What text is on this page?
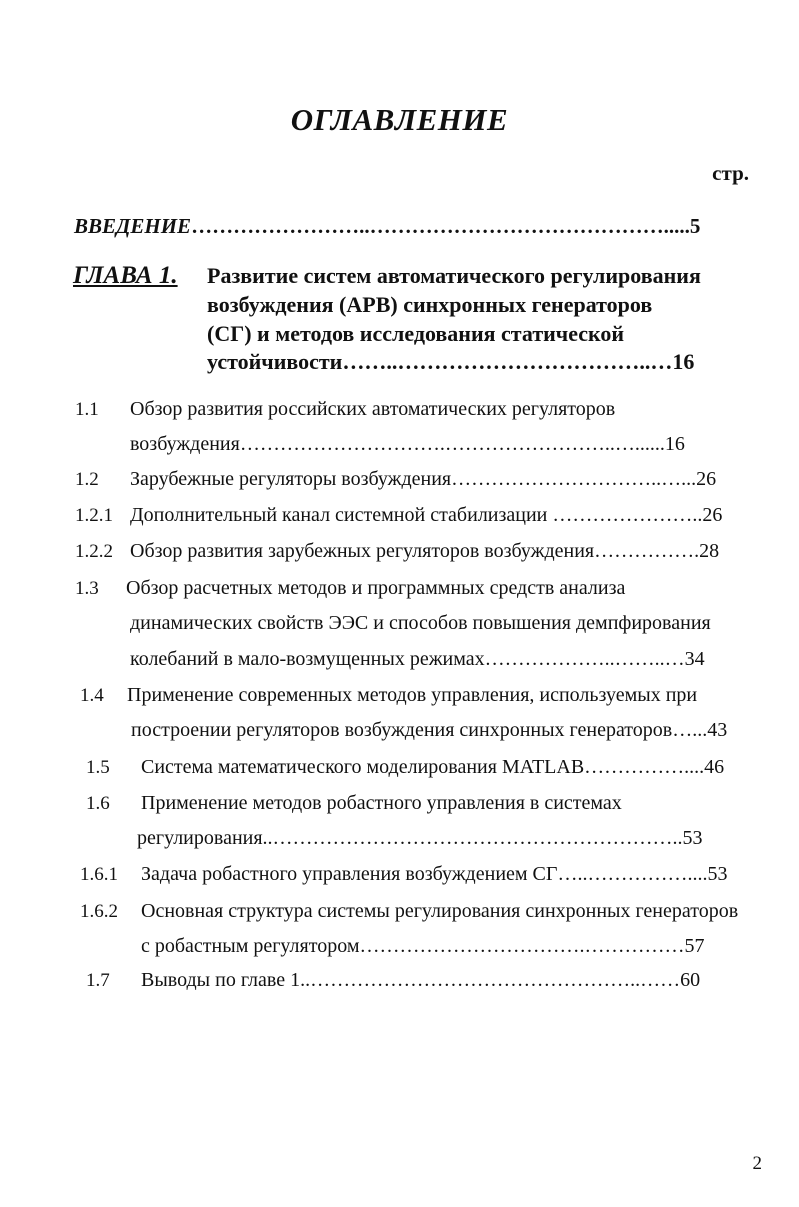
ОГЛАВЛЕНИЕ
стр.
ВВЕДЕНИЕ……………………..…………………………………….....5
ГЛАВА 1. Развитие систем автоматического регулирования
возбуждения (АРВ) синхронных генераторов
(СГ) и методов исследования статической
устойчивости……..……………………………..…16
1.1 Обзор развития российских автоматических регуляторов
возбуждения………………………….……………………..…......16
1.2 Зарубежные регуляторы возбуждения…………………………..…...26
1.2.1 Дополнительный канал системной стабилизации …………………..26
1.2.2 Обзор развития зарубежных регуляторов возбуждения…………….28
1.3 Обзор расчетных методов и программных средств анализа
динамических свойств ЭЭС и способов повышения демпфирования
колебаний в мало-возмущенных режимах………………..……..…34
1.4 Применение современных методов управления, используемых при
построении регуляторов возбуждения синхронных генераторов…...43
1.5 Система математического моделирования MATLAB……………....46
1.6 Применение методов робастного управления в системах
регулирования..……………………………………………………..53
1.6.1 Задача робастного управления возбуждением СГ…..……………....53
1.6.2 Основная структура системы регулирования синхронных генераторов
с робастным регулятором…………………………….……………57
1.7 Выводы по главе 1..…………………………………………..……60
2
